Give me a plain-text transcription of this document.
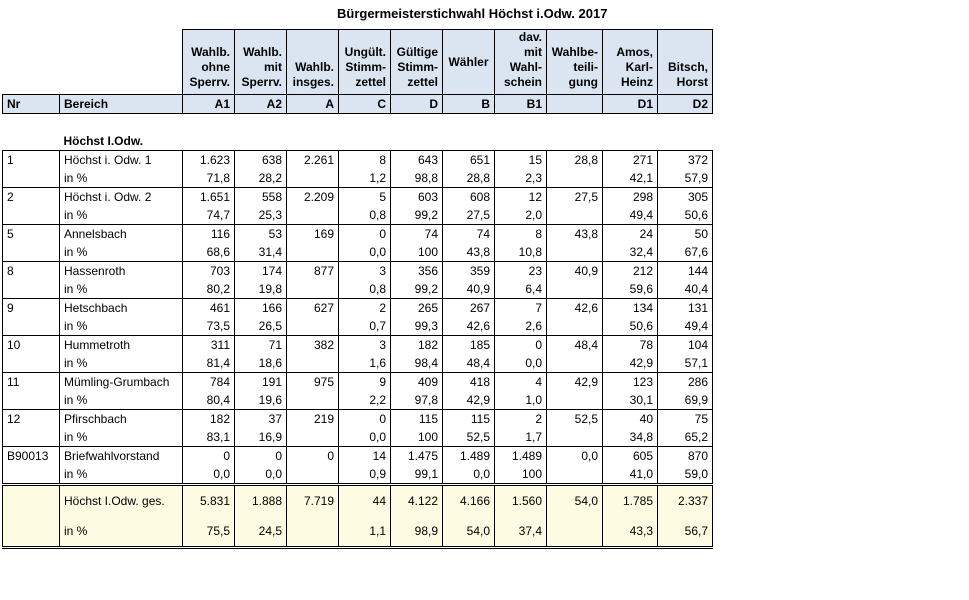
Bürgermeisterstichwahl Höchst i.Odw. 2017
		Wahlb.
ohne
Sperrv.	Wahlb.
mit
Sperrv.	Wahlb.
insges.	Ungült.
Stimm-
zettel	Gültige
Stimm-
zettel	Wähler	dav. mit
Wahl-
schein	Wahlbe-
teili-
gung	Amos,
Karl-
Heinz	Bitsch,
Horst
Nr	Bereich	A1	A2	A	C	D	B	B1		D1	D2

	Höchst I.Odw.										
1	Höchst i. Odw. 1	1.623	638	2.261	8	643	651	15	28,8	271	372
	in %	71,8	28,2		1,2	98,8	28,8	2,3		42,1	57,9
2	Höchst i. Odw. 2	1.651	558	2.209	5	603	608	12	27,5	298	305
	in %	74,7	25,3		0,8	99,2	27,5	2,0		49,4	50,6
5	Annelsbach	116	53	169	0	74	74	8	43,8	24	50
	in %	68,6	31,4		0,0	100	43,8	10,8		32,4	67,6
8	Hassenroth	703	174	877	3	356	359	23	40,9	212	144
	in %	80,2	19,8		0,8	99,2	40,9	6,4		59,6	40,4
9	Hetschbach	461	166	627	2	265	267	7	42,6	134	131
	in %	73,5	26,5		0,7	99,3	42,6	2,6		50,6	49,4
10	Hummetroth	311	71	382	3	182	185	0	48,4	78	104
	in %	81,4	18,6		1,6	98,4	48,4	0,0		42,9	57,1
11	Mümling-Grumbach	784	191	975	9	409	418	4	42,9	123	286
	in %	80,4	19,6		2,2	97,8	42,9	1,0		30,1	69,9
12	Pfirschbach	182	37	219	0	115	115	2	52,5	40	75
	in %	83,1	16,9		0,0	100	52,5	1,7		34,8	65,2
B90013	Briefwahlvorstand	0	0	0	14	1.475	1.489	1.489	0,0	605	870
	in %	0,0	0,0		0,9	99,1	0,0	100		41,0	59,0
	Höchst I.Odw. ges.	5.831	1.888	7.719	44	4.122	4.166	1.560	54,0	1.785	2.337
	in %	75,5	24,5		1,1	98,9	54,0	37,4		43,3	56,7
